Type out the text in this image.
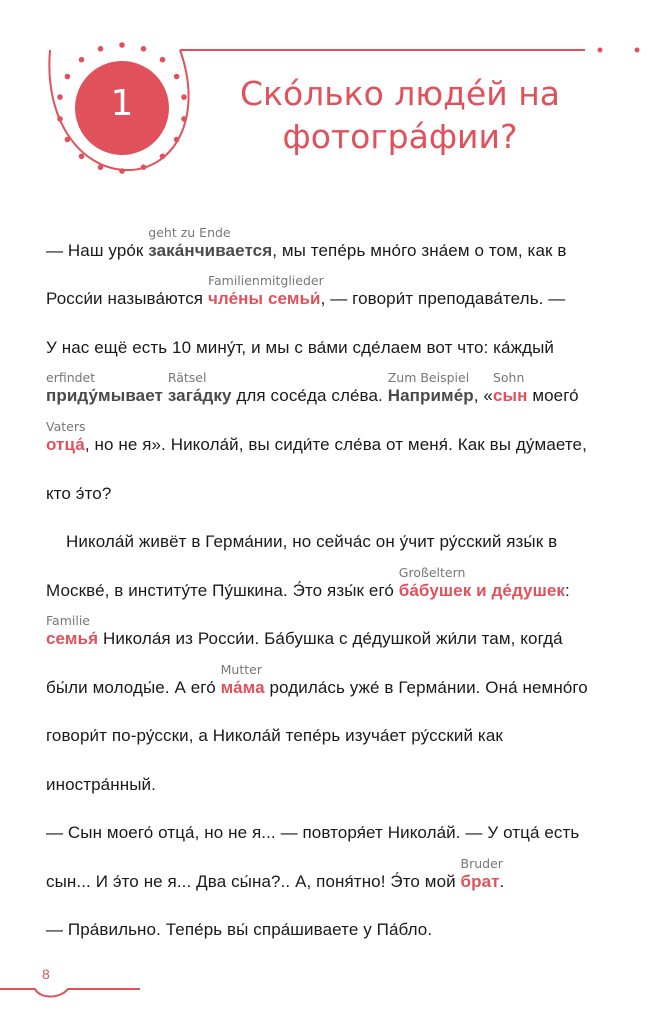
1	Ско́лько люде́й на
фотогра́фии?
— Наш уро́к зака́нчивается
geht zu Ende
, мы тепе́рь мно́го зна́ем о том, как в
Росси́и называ́ются чле́ны семьи́
Familienmitglieder
, — говори́т преподава́тель. —
У нас ещё есть 10 мину́т, и мы с ва́ми сде́лаем вот что: ка́ждый
приду́мывает
erfindet
зага́дку
Rätsel
для сосе́да сле́ва. Наприме́р
Zum Beispiel
, «сын
Sohn
моего́
отца́
Vaters
, но не я». Никола́й, вы сиди́те сле́ва от меня́. Как вы ду́маете,
кто э́то?
Никола́й живёт в Герма́нии, но сейча́с он у́чит ру́сский язы́к в
Москве́, в институ́те Пу́шкина. Э́то язы́к его́ ба́бушек и де́душек
Großeltern
:
семья́
Familie
Никола́я из Росси́и. Ба́бушка с де́душкой жи́ли там, когда́
бы́ли молоды́е. А его́ ма́ма
Mutter
родила́сь уже́ в Герма́нии. Она́ немно́го
говори́т по-ру́сски, а Никола́й тепе́рь изуча́ет ру́сский как
иностра́нный.
— Сын моего́ отца́, но не я... — повторя́ет Никола́й. — У отца́ есть
сын... И э́то не я... Два сы́на?.. А, поня́тно! Э́то мой брат
Bruder
.
— Пра́вильно. Тепе́рь вы́ спра́шиваете у Па́бло.
8
